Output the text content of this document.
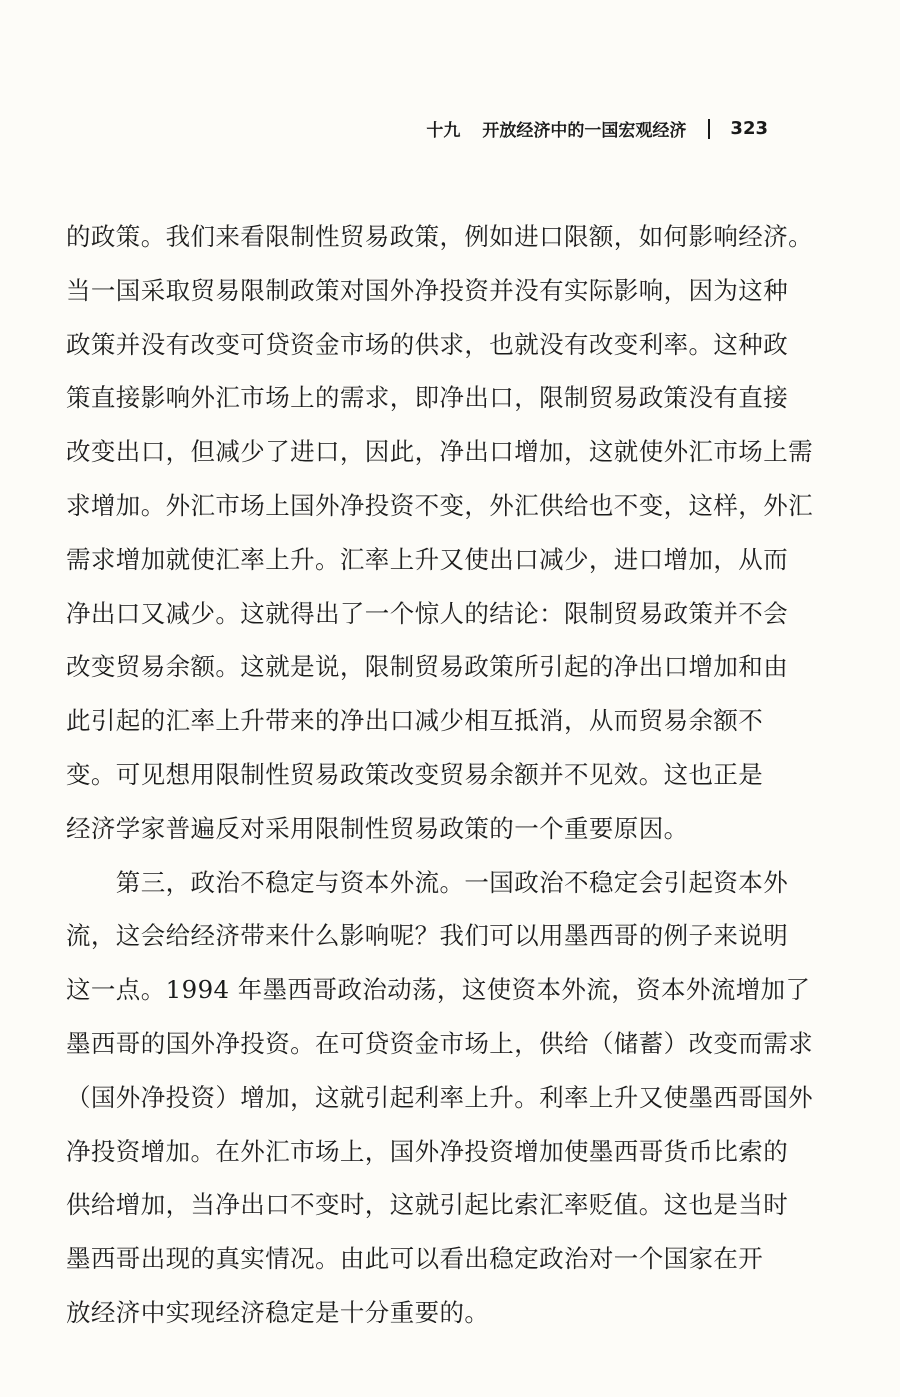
十九 开放经济中的一国宏观经济 323
的政策。我们来看限制性贸易政策，例如进口限额，如何影响经济。
当一国采取贸易限制政策对国外净投资并没有实际影响，因为这种
政策并没有改变可贷资金市场的供求，也就没有改变利率。这种政
策直接影响外汇市场上的需求，即净出口，限制贸易政策没有直接
改变出口，但减少了进口，因此，净出口增加，这就使外汇市场上需
求增加。外汇市场上国外净投资不变，外汇供给也不变，这样，外汇
需求增加就使汇率上升。汇率上升又使出口减少，进口增加，从而
净出口又减少。这就得出了一个惊人的结论：限制贸易政策并不会
改变贸易余额。这就是说，限制贸易政策所引起的净出口增加和由
此引起的汇率上升带来的净出口减少相互抵消，从而贸易余额不
变。可见想用限制性贸易政策改变贸易余额并不见效。这也正是
经济学家普遍反对采用限制性贸易政策的一个重要原因。
　　第三，政治不稳定与资本外流。一国政治不稳定会引起资本外
流，这会给经济带来什么影响呢？我们可以用墨西哥的例子来说明
这一点。1994 年墨西哥政治动荡，这使资本外流，资本外流增加了
墨西哥的国外净投资。在可贷资金市场上，供给（储蓄）改变而需求
（国外净投资）增加，这就引起利率上升。利率上升又使墨西哥国外
净投资增加。在外汇市场上，国外净投资增加使墨西哥货币比索的
供给增加，当净出口不变时，这就引起比索汇率贬值。这也是当时
墨西哥出现的真实情况。由此可以看出稳定政治对一个国家在开
放经济中实现经济稳定是十分重要的。
